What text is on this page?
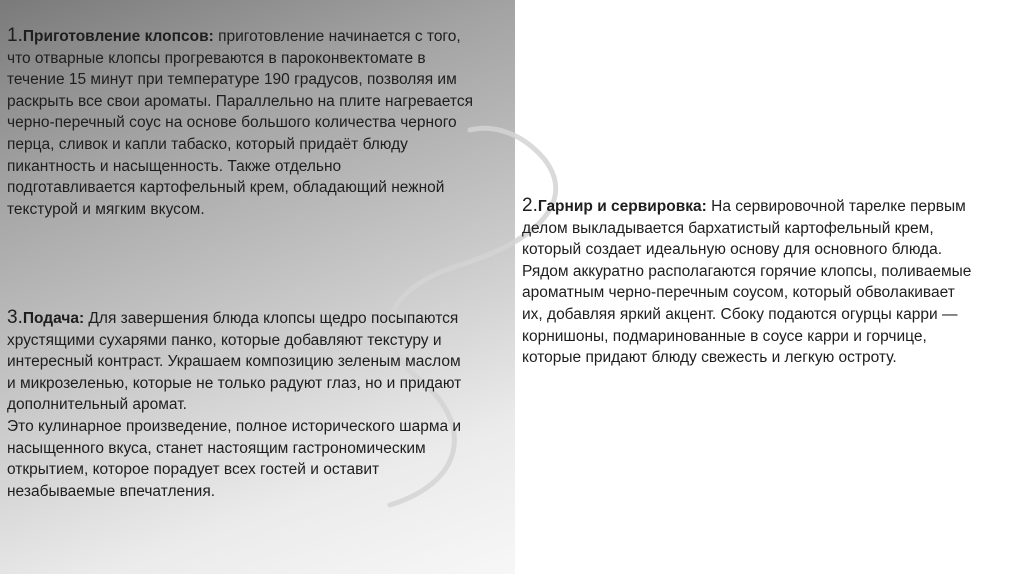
1.Приготовление клопсов: приготовление начинается с того,
что отварные клопсы прогреваются в пароконвектомате в
течение 15 минут при температуре 190 градусов, позволяя им
раскрыть все свои ароматы. Параллельно на плите нагревается
черно-перечный соус на основе большого количества черного
перца, сливок и капли табаско, который придаёт блюду
пикантность и насыщенность. Также отдельно
подготавливается картофельный крем, обладающий нежной
текстурой и мягким вкусом.	2.Гарнир и сервировка: На сервировочной тарелке первым
делом выкладывается бархатистый картофельный крем,
который создает идеальную основу для основного блюда.
Рядом аккуратно располагаются горячие клопсы, поливаемые
ароматным черно-перечным соусом, который обволакивает
их, добавляя яркий акцент. Сбоку подаются огурцы карри —
корнишоны, подмаринованные в соусе карри и горчице,
которые придают блюду свежесть и легкую остроту.
3.Подача: Для завершения блюда клопсы щедро посыпаются
хрустящими сухарями панко, которые добавляют текстуру и
интересный контраст. Украшаем композицию зеленым маслом
и микрозеленью, которые не только радуют глаз, но и придают
дополнительный аромат.
Это кулинарное произведение, полное исторического шарма и
насыщенного вкуса, станет настоящим гастрономическим
открытием, которое порадует всех гостей и оставит
незабываемые впечатления.
